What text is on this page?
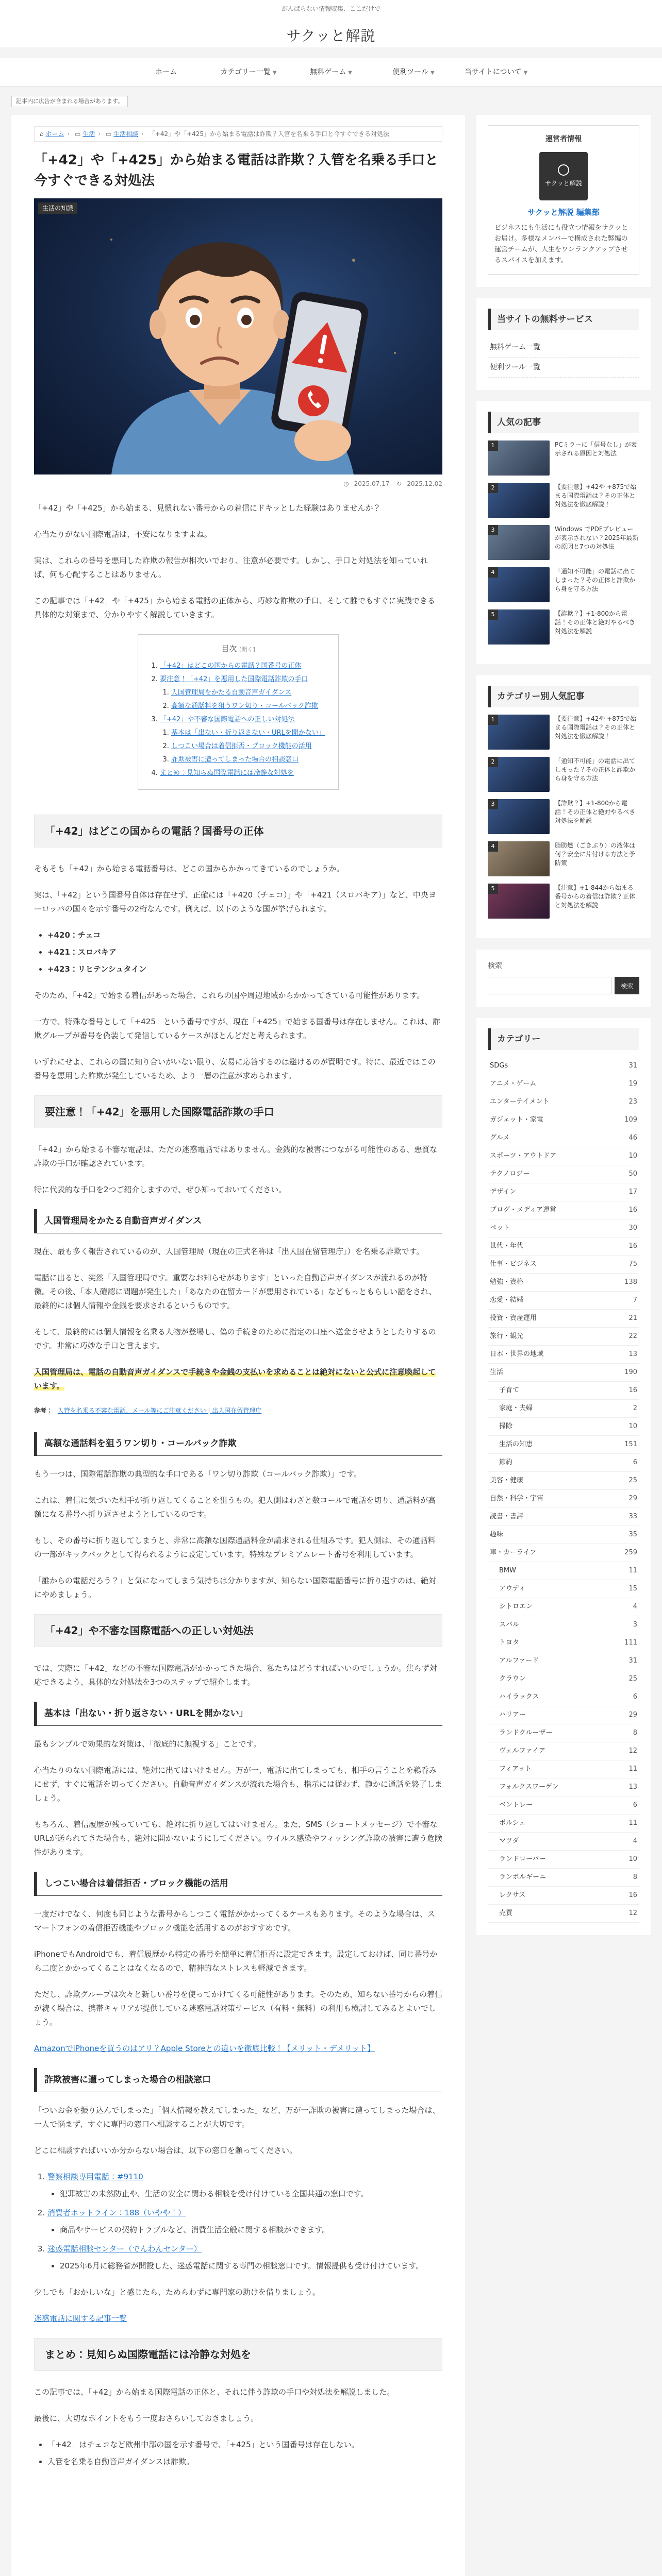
がんばらない情報収集、ここだけで
サクッと解説
ホーム	カテゴリー一覧 ▼	無料ゲーム ▼	便利ツール ▼	当サイトについて ▼
記事内に広告が含まれる場合があります。
⌂ ホーム › ▭ 生活 › ▭ 生活相談 › 「+42」や「+425」から始まる電話は詐欺？入官を名乗る手口と今すぐできる対処法
「+42」や「+425」から始まる電話は詐欺？入管を名乗る手口と今すぐできる対処法
生活の知識
◷ 2025.07.17 ↻ 2025.12.02

「+42」や「+425」から始まる、見慣れない番号からの着信にドキッとした経験はありませんか？

心当たりがない国際電話は、不安になりますよね。

実は、これらの番号を悪用した詐欺の報告が相次いでおり、注意が必要です。しかし、手口と対処法を知っていれば、何も心配することはありません。

この記事では「+42」や「+425」から始まる電話の正体から、巧妙な詐欺の手口、そして誰でもすぐに実践できる具体的な対策まで、分かりやすく解説していきます。

目次 [開く]
1. 「+42」はどこの国からの電話？国番号の正体
2. 要注意！「+42」を悪用した国際電話詐欺の手口
1. 入国管理局をかたる自動音声ガイダンス
2. 高額な通話料を狙うワン切り・コールバック詐欺
3. 「+42」や不審な国際電話への正しい対処法
1. 基本は「出ない・折り返さない・URLを開かない」
2. しつこい場合は着信拒否・ブロック機能の活用
3. 詐欺被害に遭ってしまった場合の相談窓口
4. まとめ：見知らぬ国際電話には冷静な対処を
「+42」はどこの国からの電話？国番号の正体

そもそも「+42」から始まる電話番号は、どこの国からかかってきているのでしょうか。

実は、「+42」という国番号自体は存在せず、正確には「+420（チェコ）」や「+421（スロバキア）」など、中央ヨーロッパの国々を示す番号の2桁なんです。例えば、以下のような国が挙げられます。

• +420：チェコ
• +421：スロバキア
• +423：リヒテンシュタイン

そのため、「+42」で始まる着信があった場合、これらの国や周辺地域からかかってきている可能性があります。

一方で、特殊な番号として「+425」という番号ですが、現在「+425」で始まる国番号は存在しません。これは、詐欺グループが番号を偽装して発信しているケースがほとんどだと考えられます。

いずれにせよ、これらの国に知り合いがいない限り、安易に応答するのは避けるのが賢明です。特に、最近ではこの番号を悪用した詐欺が発生しているため、より一層の注意が求められます。

要注意！「+42」を悪用した国際電話詐欺の手口

「+42」から始まる不審な電話は、ただの迷惑電話ではありません。金銭的な被害につながる可能性のある、悪質な詐欺の手口が確認されています。

特に代表的な手口を2つご紹介しますので、ぜひ知っておいてください。

入国管理局をかたる自動音声ガイダンス

現在、最も多く報告されているのが、入国管理局（現在の正式名称は「出入国在留管理庁」）を名乗る詐欺です。

電話に出ると、突然「入国管理局です。重要なお知らせがあります」といった自動音声ガイダンスが流れるのが特徴。その後、「本人確認に問題が発生した」「あなたの在留カードが悪用されている」などもっともらしい話をされ、最終的には個人情報や金銭を要求されるというものです。

そして、最終的には個人情報を名乗る人物が登場し、偽の手続きのために指定の口座へ送金させようとしたりするのです。非常に巧妙な手口と言えます。

入国管理局は、電話の自動音声ガイダンスで手続きや金銭の支払いを求めることは絶対にないと公式に注意喚起しています。

参考： 入管を名乗る不審な電話、メール等にご注意ください | 出入国在留管理庁
高額な通話料を狙うワン切り・コールバック詐欺

もう一つは、国際電話詐欺の典型的な手口である「ワン切り詐欺（コールバック詐欺）」です。

これは、着信に気づいた相手が折り返してくることを狙うもの。犯人側はわざと数コールで電話を切り、通話料が高額になる番号へ折り返させようとしているのです。

もし、その番号に折り返してしまうと、非常に高額な国際通話料金が請求される仕組みです。犯人側は、その通話料の一部がキックバックとして得られるように設定しています。特殊なプレミアムレート番号を利用しています。

「誰からの電話だろう？」と気になってしまう気持ちは分かりますが、知らない国際電話番号に折り返すのは、絶対にやめましょう。

「+42」や不審な国際電話への正しい対処法

では、実際に「+42」などの不審な国際電話がかかってきた場合、私たちはどうすればいいのでしょうか。焦らず対応できるよう、具体的な対処法を3つのステップで紹介します。

基本は「出ない・折り返さない・URLを開かない」

最もシンプルで効果的な対策は、「徹底的に無視する」ことです。

心当たりのない国際電話には、絶対に出てはいけません。万が一、電話に出てしまっても、相手の言うことを鵜呑みにせず、すぐに電話を切ってください。自動音声ガイダンスが流れた場合も、指示には従わず、静かに通話を終了しましょう。

もちろん、着信履歴が残っていても、絶対に折り返してはいけません。また、SMS（ショートメッセージ）で不審なURLが送られてきた場合も、絶対に開かないようにしてください。ウイルス感染やフィッシング詐欺の被害に遭う危険性があります。

しつこい場合は着信拒否・ブロック機能の活用

一度だけでなく、何度も同じような番号からしつこく電話がかかってくるケースもあります。そのような場合は、スマートフォンの着信拒否機能やブロック機能を活用するのがおすすめです。

iPhoneでもAndroidでも、着信履歴から特定の番号を簡単に着信拒否に設定できます。設定しておけば、同じ番号から二度とかかってくることはなくなるので、精神的なストレスも軽減できます。

ただし、詐欺グループは次々と新しい番号を使ってかけてくる可能性があります。そのため、知らない番号からの着信が続く場合は、携帯キャリアが提供している迷惑電話対策サービス（有料・無料）の利用も検討してみるとよいでしょう。

AmazonでiPhoneを買うのはアリ？Apple Storeとの違いを徹底比較！【メリット・デメリット】

詐欺被害に遭ってしまった場合の相談窓口

「ついお金を振り込んでしまった」「個人情報を教えてしまった」など、万が一詐欺の被害に遭ってしまった場合は、一人で悩まず、すぐに専門の窓口へ相談することが大切です。

どこに相談すればいいか分からない場合は、以下の窓口を頼ってください。

1. 警察相談専用電話：#9110
• 犯罪被害の未然防止や、生活の安全に関わる相談を受け付けている全国共通の窓口です。
2. 消費者ホットライン：188（いやや！）
• 商品やサービスの契約トラブルなど、消費生活全般に関する相談ができます。
3. 迷惑電話相談センター（でんわんセンター）
• 2025年6月に総務省が開設した、迷惑電話に関する専門の相談窓口です。情報提供も受け付けています。

少しでも「おかしいな」と感じたら、ためらわずに専門家の助けを借りましょう。

迷惑電話に関する記事一覧

まとめ：見知らぬ国際電話には冷静な対処を

この記事では、「+42」から始まる国際電話の正体と、それに伴う詐欺の手口や対処法を解説しました。

最後に、大切なポイントをもう一度おさらいしておきましょう。

• 「+42」はチェコなど欧州中部の国を示す番号で、「+425」という国番号は存在しない。
• 入管を名乗る自動音声ガイダンスは詐欺。
運営者情報
サクッと解説
サクッと解説 編集部
ビジネスにも生活にも役立つ情報をサクッとお届け。多様なメンバーで構成された弊編の運営チームが、人生をワンランクアップさせるスパイスを加えます。
当サイトの無料サービス
無料ゲーム一覧
便利ツール一覧
人気の記事
1	PCミラーに「信号なし」が表示される原因と対処法
2	【要注意】+42や +875で始まる国際電話は？その正体と対処法を徹底解説！
3	Windows でPDFプレビューが表示されない？2025年最新の原因と7つの対処法
4	「通知不可能」の電話に出てしまった？その正体と詐欺から身を守る方法
5	【詐欺？】+1-800から電話！その正体と絶対やるべき対処法を解説
カテゴリー別人気記事
1	【要注意】+42や +875で始まる国際電話は？その正体と対処法を徹底解説！
2	「通知不可能」の電話に出てしまった？その正体と詐欺から身を守る方法
3	【詐欺？】+1-800から電話！その正体と絶対やるべき対処法を解説
4	脂肪燃（ごきぶり）の液体は何？安全に片付ける方法と予防策
5	【注意】+1-844から始まる番号からの着信は詐欺？正体と対処法を解説
検索
検索
カテゴリー
SDGs	31
アニメ・ゲーム	19
エンターテイメント	23
ガジェット・家電	109
グルメ	46
スポーツ・アウトドア	10
テクノロジー	50
デザイン	17
ブログ・メディア運営	16
ペット	30
世代・年代	16
仕事・ビジネス	75
勉強・資格	138
恋愛・結婚	7
投資・資産運用	21
旅行・観光	22
日本・世界の地域	13
生活	190
子育て	16
家庭・夫婦	2
掃除	10
生活の知恵	151
節約	6
美容・健康	25
自然・科学・宇宙	29
読書・書評	33
趣味	35
車・カーライフ	259
BMW	11
アウディ	15
シトロエン	4
スバル	3
トヨタ	111
アルファード	31
クラウン	25
ハイラックス	6
ハリアー	29
ランドクルーザー	8
ヴェルファイア	12
フィアット	11
フォルクスワーゲン	13
ベントレー	6
ポルシェ	11
マツダ	4
ランドローバー	10
ランボルギーニ	8
レクサス	16
売買	12
